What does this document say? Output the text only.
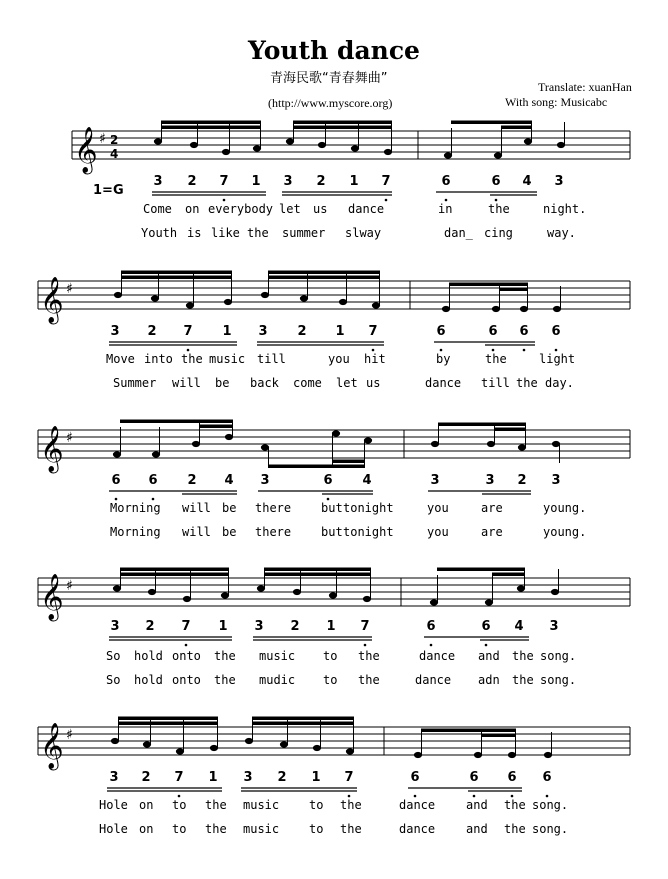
Youth dance
青海民歌“青春舞曲”
(http://www.myscore.org)
Translate: xuanHan
With song: Musicabc
𝄞 ♯ 2
4
1=G
3 2 7 1 3 2 1 7	6	6 4 3
Come on everybody let us dance	in	the	night.
Youth is like the summer slway	dan_ cing	way.
𝄞 ♯
3 2 7 1 3 2 1 7	6	6 6 6
Move into the music till	you hit	by	the	light
Summer will be back come let us	dance till the day.
𝄞 ♯
6 6 2 4 3	6 4	3	3 2 3
Morning will be there but tonight	you	are	young.
Morning will be there but tonight	you	are	young.
𝄞 ♯
3 2 7 1 3 2 1 7	6	6 4 3
So hold onto the music to the	dance and the song.
So hold onto the mudic to the	dance adn the song.
𝄞 ♯
3 2 7 1 3 2 1 7	6	6 6 6
Hole on to the music to the	dance	and the song.
Hole on to the music to the	dance	and the song.
